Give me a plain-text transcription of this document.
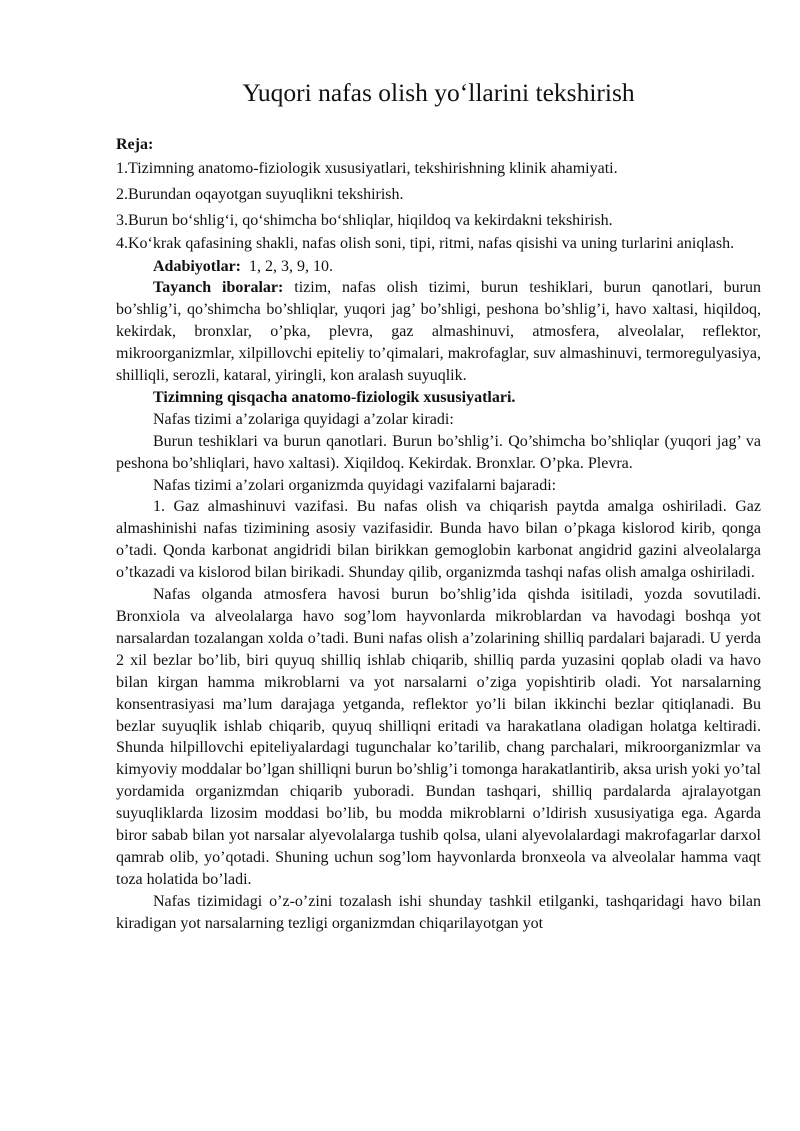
Yuqori nafas olish yo‘llarini tekshirish

Reja:

1.Tizimning anatomo-fiziologik xususiyatlari, tekshirishning klinik ahamiyati.

2.Burundan oqayotgan suyuqlikni tekshirish.

3.Burun bo‘shlig‘i, qo‘shimcha bo‘shliqlar, hiqildoq va kekirdakni tekshirish.

4.Ko‘krak qafasining shakli, nafas olish soni, tipi, ritmi, nafas qisishi va uning turlarini aniqlash.

Adabiyotlar:  1, 2, 3, 9, 10.

Tayanch iboralar: tizim, nafas olish tizimi, burun teshiklari, burun qanotlari, burun bo’shlig’i, qo’shimcha bo’shliqlar, yuqori jag’ bo’shligi, peshona bo’shlig’i, havo xaltasi, hiqildoq, kekirdak, bronxlar, o’pka, plevra, gaz almashinuvi, atmosfera, alveolalar, reflektor, mikroorganizmlar, xilpillovchi epiteliy to’qimalari, makrofaglar, suv almashinuvi, termoregulyasiya, shilliqli, serozli, kataral, yiringli, kon aralash suyuqlik.

Tizimning qisqacha anatomo-fiziologik xususiyatlari.

Nafas tizimi a’zolariga quyidagi a’zolar kiradi:

Burun teshiklari va burun qanotlari. Burun bo’shlig’i. Qo’shimcha bo’shliqlar (yuqori jag’ va peshona bo’shliqlari, havo xaltasi). Xiqildoq. Kekirdak. Bronxlar. O’pka. Plevra.

Nafas tizimi a’zolari organizmda quyidagi vazifalarni bajaradi:

1. Gaz almashinuvi vazifasi. Bu nafas olish va chiqarish paytda amalga oshiriladi. Gaz almashinishi nafas tizimining asosiy vazifasidir. Bunda havo bilan o’pkaga kislorod kirib, qonga o’tadi. Qonda karbonat angidridi bilan birikkan gemoglobin karbonat angidrid gazini alveolalarga o’tkazadi va kislorod bilan birikadi. Shunday qilib, organizmda tashqi nafas olish amalga oshiriladi.

Nafas olganda atmosfera havosi burun bo’shlig’ida qishda isitiladi, yozda sovutiladi. Bronxiola va alveolalarga havo sog’lom hayvonlarda mikroblardan va havodagi boshqa yot narsalardan tozalangan xolda o’tadi. Buni nafas olish a’zolarining shilliq pardalari bajaradi. U yerda 2 xil bezlar bo’lib, biri quyuq shilliq ishlab chiqarib, shilliq parda yuzasini qoplab oladi va havo bilan kirgan hamma mikroblarni va yot narsalarni o’ziga yopishtirib oladi. Yot narsalarning konsentrasiyasi ma’lum darajaga yetganda, reflektor yo’li bilan ikkinchi bezlar qitiqlanadi. Bu bezlar suyuqlik ishlab chiqarib, quyuq shilliqni eritadi va harakatlana oladigan holatga keltiradi. Shunda hilpillovchi epiteliyalardagi tugunchalar ko’tarilib, chang parchalari, mikroorganizmlar va kimyoviy moddalar bo’lgan shilliqni burun bo’shlig’i tomonga harakatlantirib, aksa urish yoki yo’tal yordamida organizmdan chiqarib yuboradi. Bundan tashqari, shilliq pardalarda ajralayotgan suyuqliklarda lizosim moddasi bo’lib, bu modda mikroblarni o’ldirish xususiyatiga ega. Agarda biror sabab bilan yot narsalar alyevolalarga tushib qolsa, ulani alyevolalardagi makrofagarlar darxol qamrab olib, yo’qotadi. Shuning uchun sog’lom hayvonlarda bronxeola va alveolalar hamma vaqt toza holatida bo’ladi.

Nafas tizimidagi o’z-o’zini tozalash ishi shunday tashkil etilganki, tashqaridagi havo bilan kiradigan yot narsalarning tezligi organizmdan chiqarilayotgan yot
